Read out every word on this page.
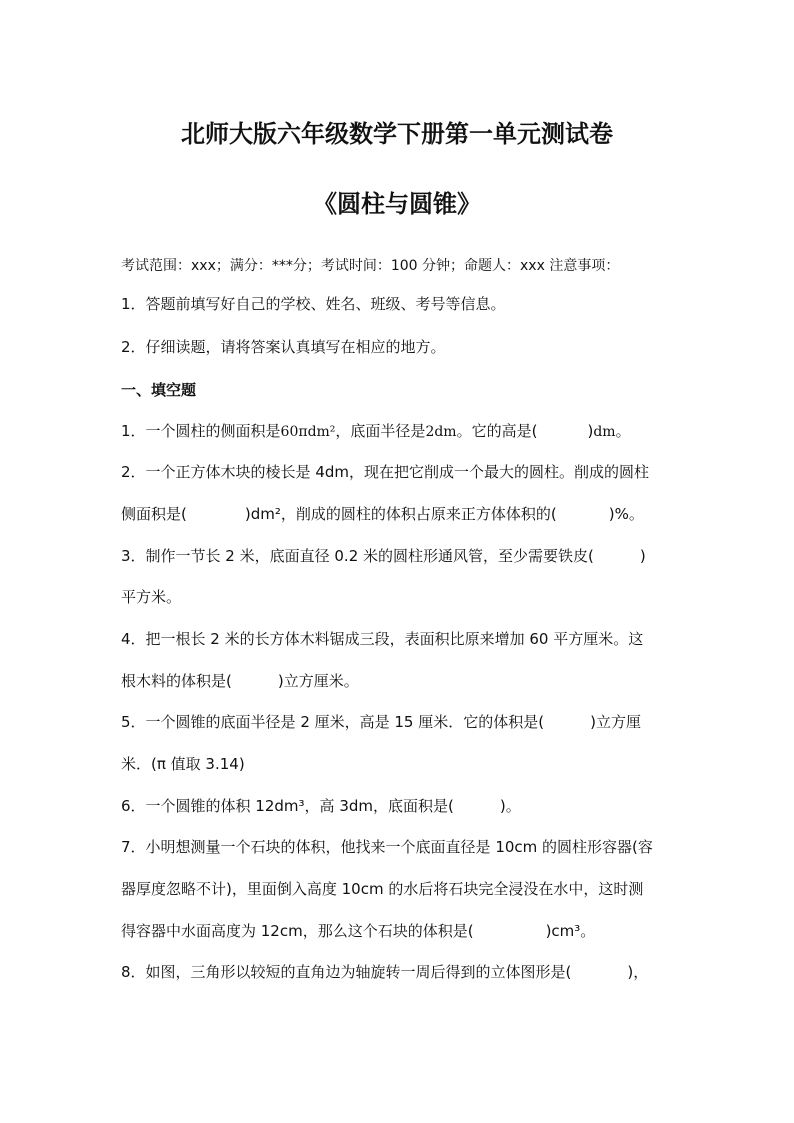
北师大版六年级数学下册第一单元测试卷
《圆柱与圆锥》
考试范围：xxx；满分：***分；考试时间：100 分钟；命题人：xxx 注意事项：
1．答题前填写好自己的学校、姓名、班级、考号等信息。
2．仔细读题，请将答案认真填写在相应的地方。
一、填空题
1．一个圆柱的侧面积是60πdm²，底面半径是2dm。它的高是(	)dm。
2．一个正方体木块的棱长是 4dm，现在把它削成一个最大的圆柱。削成的圆柱
侧面积是(	)dm²，削成的圆柱的体积占原来正方体体积的(	)%。
3．制作一节长 2 米，底面直径 0.2 米的圆柱形通风管，至少需要铁皮(	)
平方米。
4．把一根长 2 米的长方体木料锯成三段，表面积比原来增加 60 平方厘米。这
根木料的体积是(	)立方厘米。
5．一个圆锥的底面半径是 2 厘米，高是 15 厘米．它的体积是(	)立方厘
米．(π 值取 3.14)
6．一个圆锥的体积 12dm³，高 3dm，底面积是(	)。
7．小明想测量一个石块的体积，他找来一个底面直径是 10cm 的圆柱形容器(容
器厚度忽略不计)，里面倒入高度 10cm 的水后将石块完全浸没在水中，这时测
得容器中水面高度为 12cm，那么这个石块的体积是(	)cm³。
8．如图，三角形以较短的直角边为轴旋转一周后得到的立体图形是(	)，
